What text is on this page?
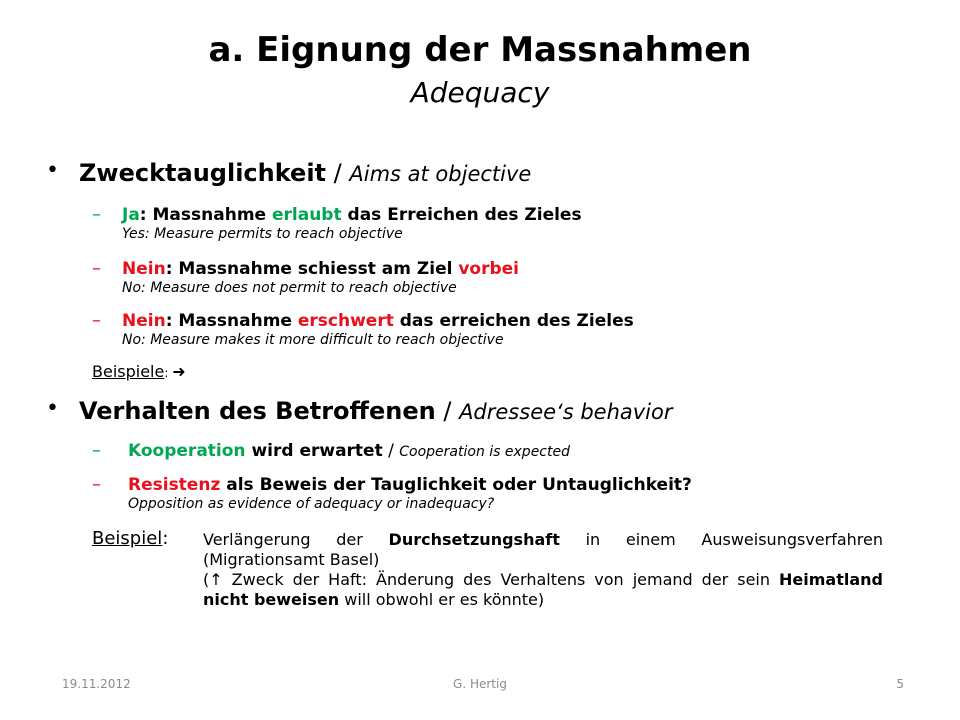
a. Eignung der Massnahmen
Adequacy
• Zwecktauglichkeit / Aims at objective
– Ja: Massnahme erlaubt das Erreichen des Zieles
Yes: Measure permits to reach objective
– Nein: Massnahme schiesst am Ziel vorbei
No: Measure does not permit to reach objective
– Nein: Massnahme erschwert das erreichen des Zieles
No: Measure makes it more difficult to reach objective
Beispiele: ➜
• Verhalten des Betroffenen / Adressee‘s behavior
– Kooperation wird erwartet / Cooperation is expected
– Resistenz als Beweis der Tauglichkeit oder Untauglichkeit?
Opposition as evidence of adequacy or inadequacy?
Beispiel: Verlängerung der Durchsetzungshaft in einem Ausweisungsverfahren
(Migrationsamt Basel)
(↑ Zweck der Haft: Änderung des Verhaltens von jemand der sein Heimatland
nicht beweisen will obwohl er es könnte)
19.11.2012	G. Hertig	5
